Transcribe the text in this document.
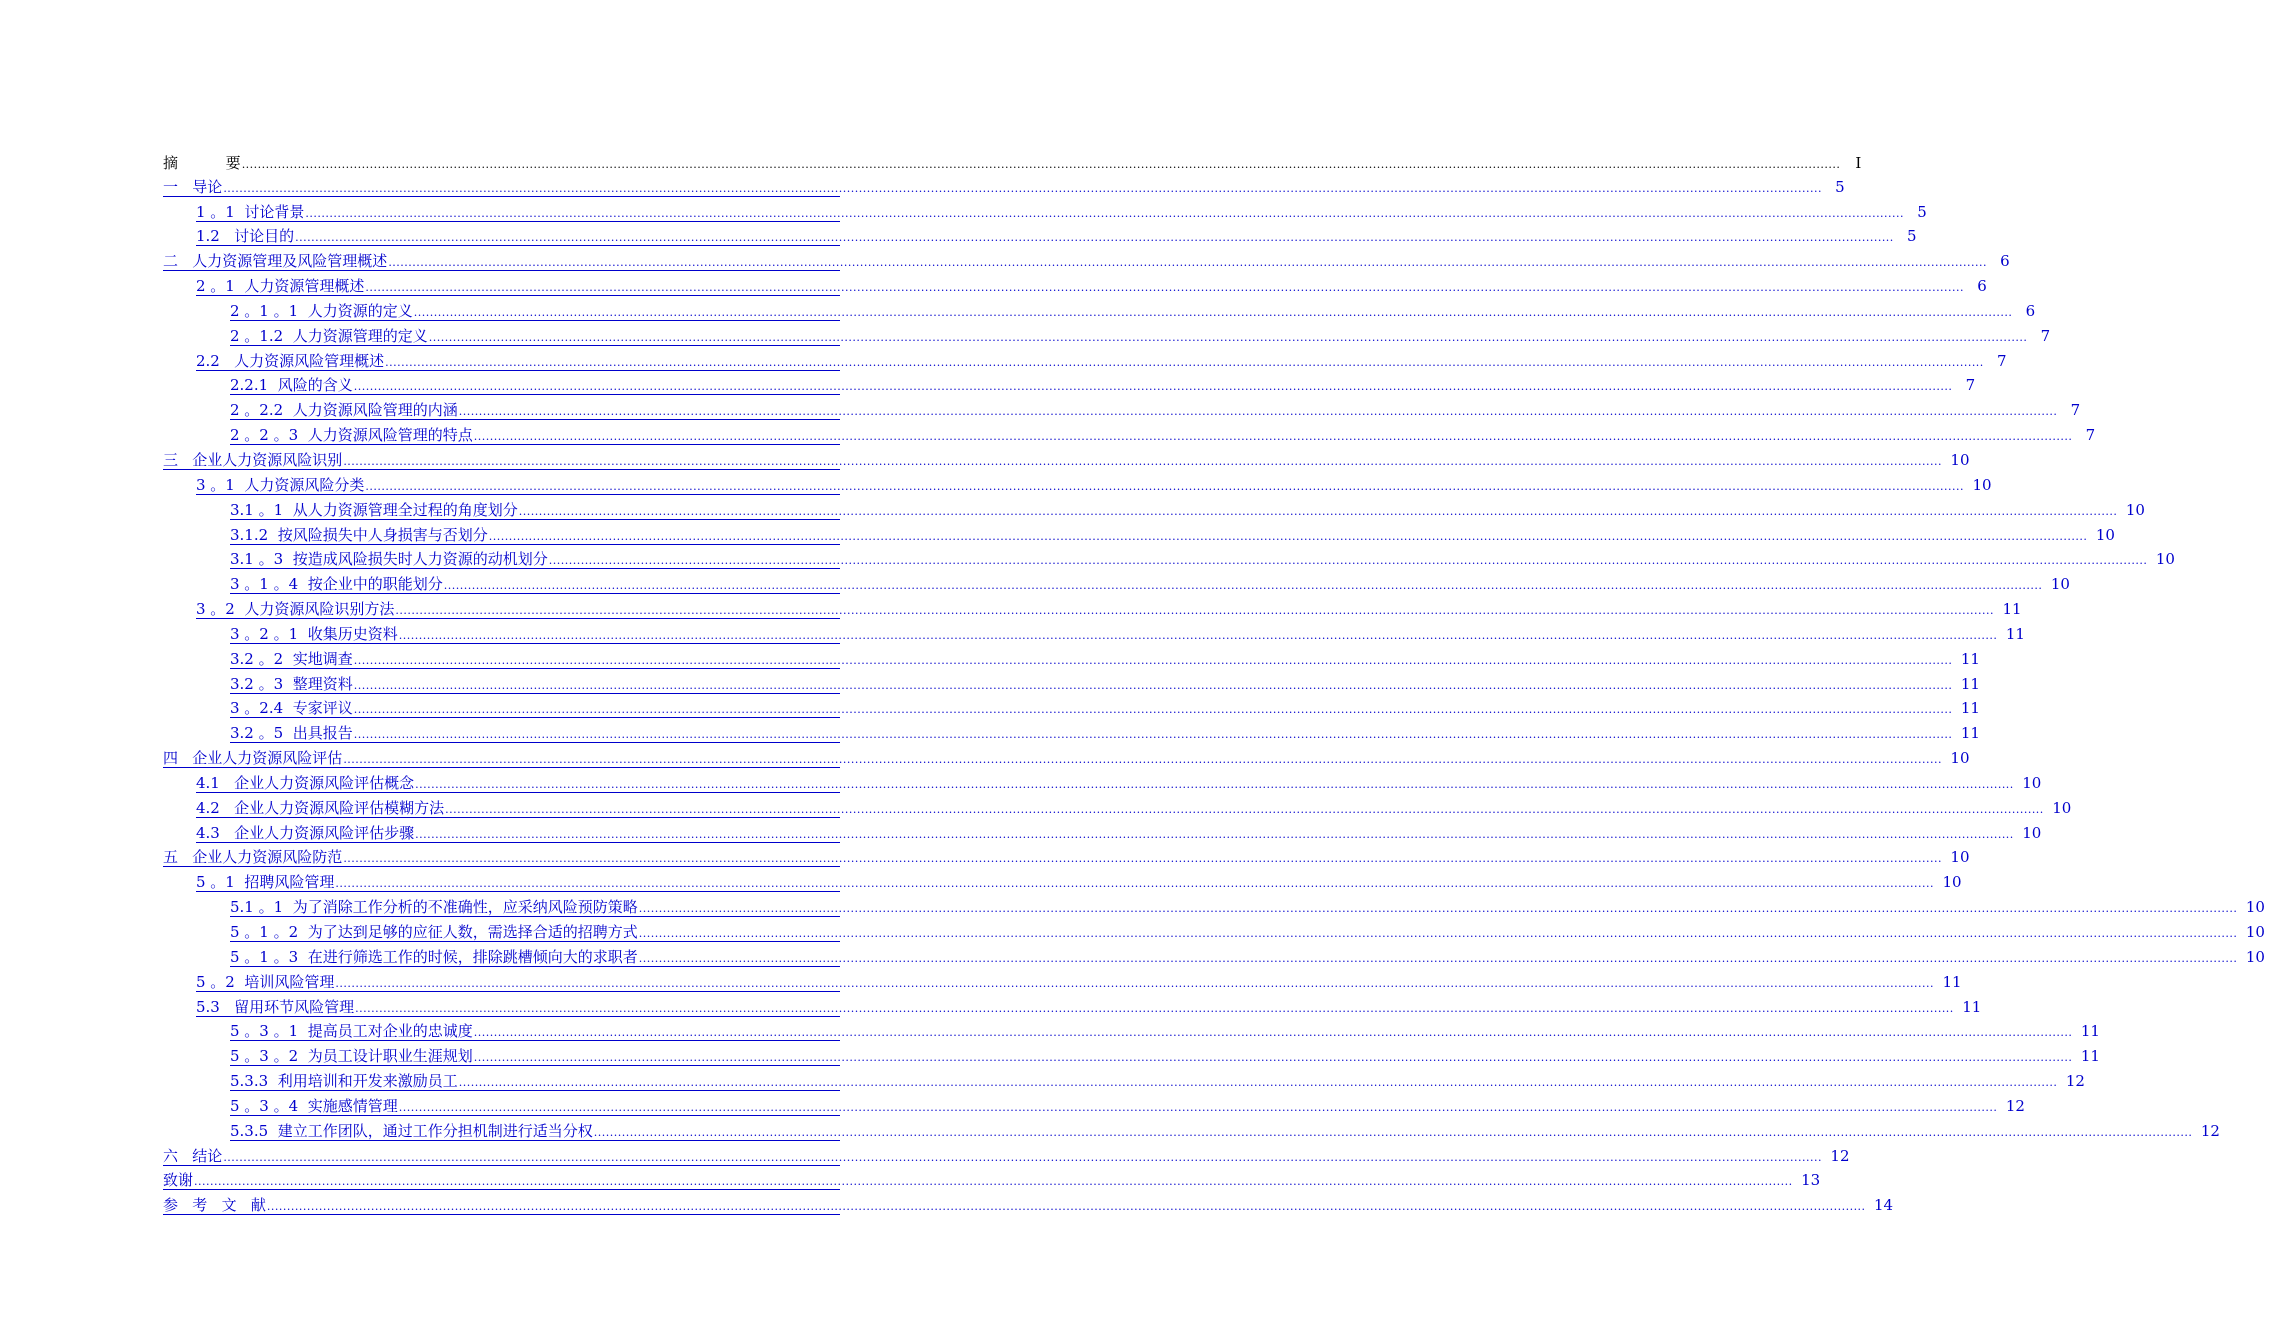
摘          要 ................................................................................................................................................................................................................................................................................................................................................................................................................	I
一   导论 ................................................................................................................................................................................................................................................................................................................................................................................................................ 5
1 。1  讨论背景 ................................................................................................................................................................................................................................................................................................................................................................................................................ 5
1.2   讨论目的 ................................................................................................................................................................................................................................................................................................................................................................................................................ 5
二   人力资源管理及风险管理概述 ................................................................................................................................................................................................................................................................................................................................................................................................................ 6
2 。1  人力资源管理概述 ................................................................................................................................................................................................................................................................................................................................................................................................................ 6
2 。1 。1  人力资源的定义 ................................................................................................................................................................................................................................................................................................................................................................................................................ 6
2 。1.2  人力资源管理的定义 ................................................................................................................................................................................................................................................................................................................................................................................................................ 7
2.2   人力资源风险管理概述 ................................................................................................................................................................................................................................................................................................................................................................................................................ 7
2.2.1  风险的含义 ................................................................................................................................................................................................................................................................................................................................................................................................................ 7
2 。2.2  人力资源风险管理的内涵 ................................................................................................................................................................................................................................................................................................................................................................................................................ 7
2 。2 。3  人力资源风险管理的特点 ................................................................................................................................................................................................................................................................................................................................................................................................................ 7
三   企业人力资源风险识别 ................................................................................................................................................................................................................................................................................................................................................................................................................ 10
3 。1  人力资源风险分类 ................................................................................................................................................................................................................................................................................................................................................................................................................ 10
3.1 。1  从人力资源管理全过程的角度划分 ................................................................................................................................................................................................................................................................................................................................................................................................................ 10
3.1.2  按风险损失中人身损害与否划分 ................................................................................................................................................................................................................................................................................................................................................................................................................ 10
3.1 。3  按造成风险损失时人力资源的动机划分 ................................................................................................................................................................................................................................................................................................................................................................................................................ 10
3 。1 。4  按企业中的职能划分 ................................................................................................................................................................................................................................................................................................................................................................................................................ 10
3 。2  人力资源风险识别方法 ................................................................................................................................................................................................................................................................................................................................................................................................................ 11
3 。2 。1  收集历史资料 ................................................................................................................................................................................................................................................................................................................................................................................................................ 11
3.2 。2  实地调查 ................................................................................................................................................................................................................................................................................................................................................................................................................ 11
3.2 。3  整理资料 ................................................................................................................................................................................................................................................................................................................................................................................................................ 11
3 。2.4  专家评议 ................................................................................................................................................................................................................................................................................................................................................................................................................ 11
3.2 。5  出具报告 ................................................................................................................................................................................................................................................................................................................................................................................................................ 11
四   企业人力资源风险评估 ................................................................................................................................................................................................................................................................................................................................................................................................................ 10
4.1   企业人力资源风险评估概念 ................................................................................................................................................................................................................................................................................................................................................................................................................ 10
4.2   企业人力资源风险评估模糊方法 ................................................................................................................................................................................................................................................................................................................................................................................................................ 10
4.3   企业人力资源风险评估步骤 ................................................................................................................................................................................................................................................................................................................................................................................................................ 10
五   企业人力资源风险防范 ................................................................................................................................................................................................................................................................................................................................................................................................................ 10
5 。1  招聘风险管理 ................................................................................................................................................................................................................................................................................................................................................................................................................ 10
5.1 。1  为了消除工作分析的不准确性，应采纳风险预防策略 ................................................................................................................................................................................................................................................................................................................................................................................................................ 10
5 。1 。2  为了达到足够的应征人数，需选择合适的招聘方式 ................................................................................................................................................................................................................................................................................................................................................................................................................ 10
5 。1 。3  在进行筛选工作的时候，排除跳槽倾向大的求职者 ................................................................................................................................................................................................................................................................................................................................................................................................................ 10
5 。2  培训风险管理 ................................................................................................................................................................................................................................................................................................................................................................................................................ 11
5.3   留用环节风险管理 ................................................................................................................................................................................................................................................................................................................................................................................................................ 11
5 。3 。1  提高员工对企业的忠诚度 ................................................................................................................................................................................................................................................................................................................................................................................................................ 11
5 。3 。2  为员工设计职业生涯规划 ................................................................................................................................................................................................................................................................................................................................................................................................................ 11
5.3.3  利用培训和开发来激励员工 ................................................................................................................................................................................................................................................................................................................................................................................................................ 12
5 。3 。4  实施感情管理 ................................................................................................................................................................................................................................................................................................................................................................................................................ 12
5.3.5  建立工作团队，通过工作分担机制进行适当分权 ................................................................................................................................................................................................................................................................................................................................................................................................................ 12
六   结论 ................................................................................................................................................................................................................................................................................................................................................................................................................ 12
致谢 ................................................................................................................................................................................................................................................................................................................................................................................................................ 13
参   考   文   献 ................................................................................................................................................................................................................................................................................................................................................................................................................ 14
